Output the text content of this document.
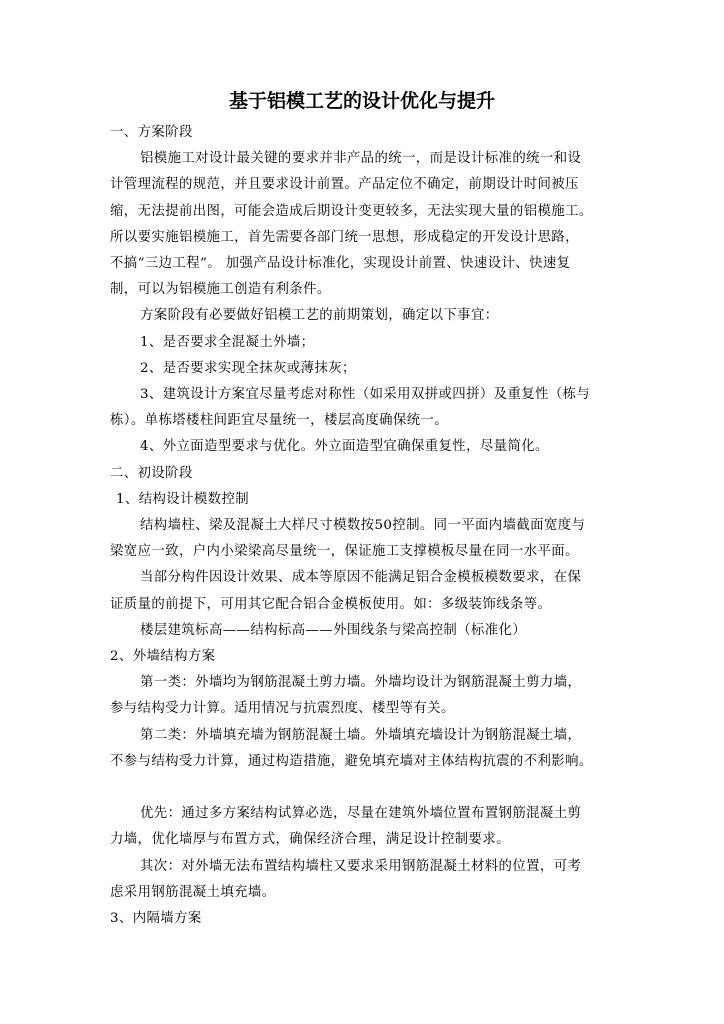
基于铝模工艺的设计优化与提升

一、方案阶段

铝模施工对设计最关键的要求并非产品的统一，而是设计标准的统一和设

计管理流程的规范，并且要求设计前置。产品定位不确定，前期设计时间被压

缩，无法提前出图，可能会造成后期设计变更较多，无法实现大量的铝模施工。

所以要实施铝模施工，首先需要各部门统一思想，形成稳定的开发设计思路，

不搞“三边工程”。 加强产品设计标准化，实现设计前置、快速设计、快速复

制，可以为铝模施工创造有利条件。

方案阶段有必要做好铝模工艺的前期策划，确定以下事宜：

1、是否要求全混凝土外墙；

2、是否要求实现全抹灰或薄抹灰；

3、建筑设计方案宜尽量考虑对称性（如采用双拼或四拼）及重复性（栋与

栋）。单栋塔楼柱间距宜尽量统一，楼层高度确保统一。

4、外立面造型要求与优化。外立面造型宜确保重复性，尽量简化。

二、初设阶段

1、结构设计模数控制

结构墙柱、梁及混凝土大样尺寸模数按50控制。同一平面内墙截面宽度与

梁宽应一致，户内小梁梁高尽量统一，保证施工支撑模板尽量在同一水平面。

当部分构件因设计效果、成本等原因不能满足铝合金模板模数要求，在保

证质量的前提下，可用其它配合铝合金模板使用。如：多级装饰线条等。

楼层建筑标高——结构标高——外围线条与梁高控制（标准化）

2、外墙结构方案

第一类：外墙均为钢筋混凝土剪力墙。外墙均设计为钢筋混凝土剪力墙，

参与结构受力计算。适用情况与抗震烈度、楼型等有关。

第二类：外墙填充墙为钢筋混凝土墙。外墙填充墙设计为钢筋混凝土墙，

不参与结构受力计算，通过构造措施，避免填充墙对主体结构抗震的不利影响。

优先：通过多方案结构试算必选，尽量在建筑外墙位置布置钢筋混凝土剪

力墙，优化墙厚与布置方式，确保经济合理，满足设计控制要求。

其次：对外墙无法布置结构墙柱又要求采用钢筋混凝土材料的位置，可考

虑采用钢筋混凝土填充墙。

3、内隔墙方案
